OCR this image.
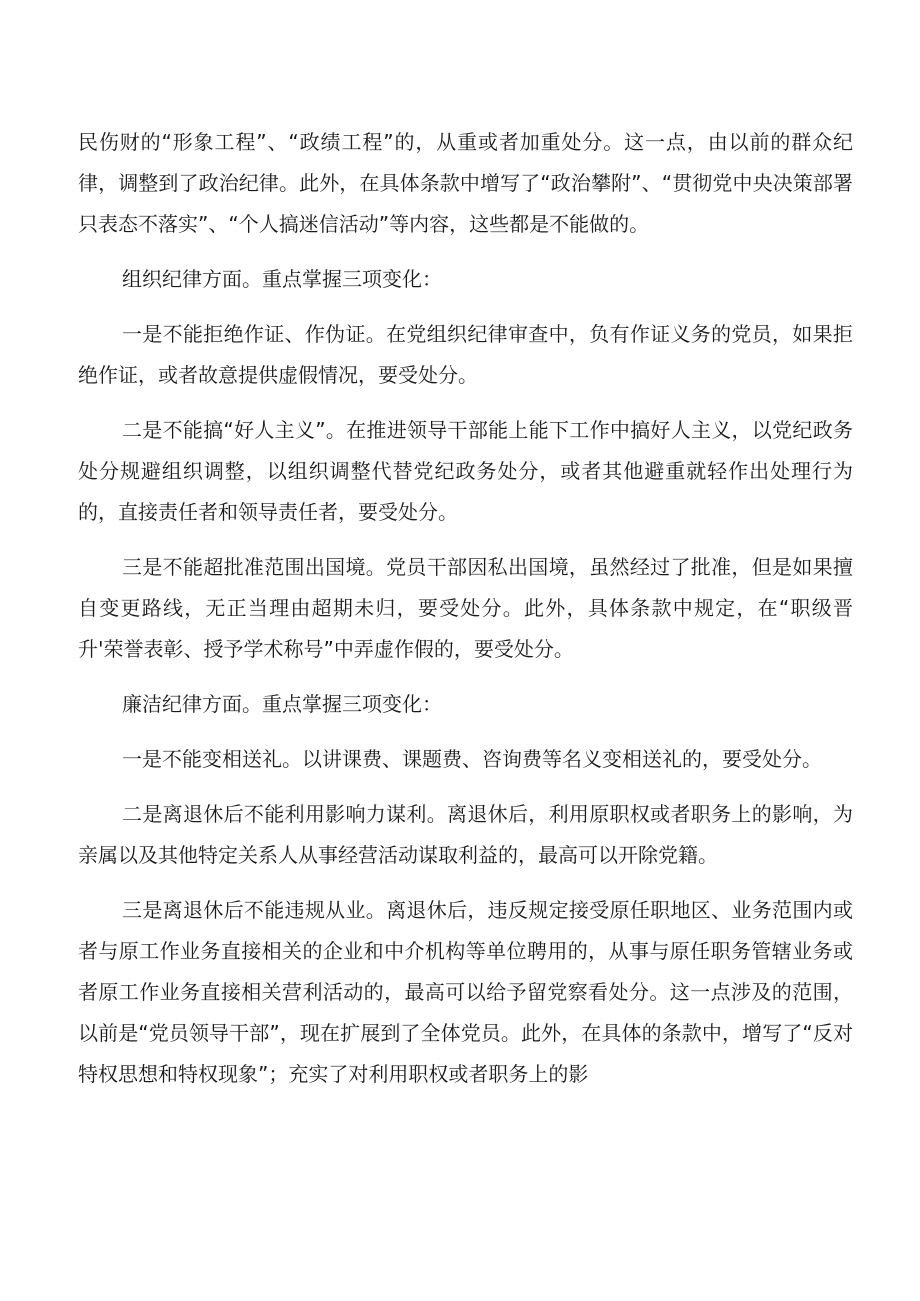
民伤财的“形象工程”、“政绩工程”的，从重或者加重处分。这一点，由以前的群众纪律，调整到了政治纪律。此外，在具体条款中增写了“政治攀附”、“贯彻党中央决策部署只表态不落实”、“个人搞迷信活动”等内容，这些都是不能做的。

组织纪律方面。重点掌握三项变化：

一是不能拒绝作证、作伪证。在党组织纪律审查中，负有作证义务的党员，如果拒绝作证，或者故意提供虚假情况，要受处分。

二是不能搞“好人主义”。在推进领导干部能上能下工作中搞好人主义，以党纪政务处分规避组织调整，以组织调整代替党纪政务处分，或者其他避重就轻作出处理行为的，直接责任者和领导责任者，要受处分。

三是不能超批准范围出国境。党员干部因私出国境，虽然经过了批准，但是如果擅自变更路线，无正当理由超期未归，要受处分。此外，具体条款中规定，在“职级晋升'荣誉表彰、授予学术称号”中弄虚作假的，要受处分。

廉洁纪律方面。重点掌握三项变化：

一是不能变相送礼。以讲课费、课题费、咨询费等名义变相送礼的，要受处分。

二是离退休后不能利用影响力谋利。离退休后，利用原职权或者职务上的影响，为亲属以及其他特定关系人从事经营活动谋取利益的，最高可以开除党籍。

三是离退休后不能违规从业。离退休后，违反规定接受原任职地区、业务范围内或者与原工作业务直接相关的企业和中介机构等单位聘用的，从事与原任职务管辖业务或者原工作业务直接相关营利活动的，最高可以给予留党察看处分。这一点涉及的范围，以前是“党员领导干部”，现在扩展到了全体党员。此外，在具体的条款中，增写了“反对特权思想和特权现象”；充实了对利用职权或者职务上的影
